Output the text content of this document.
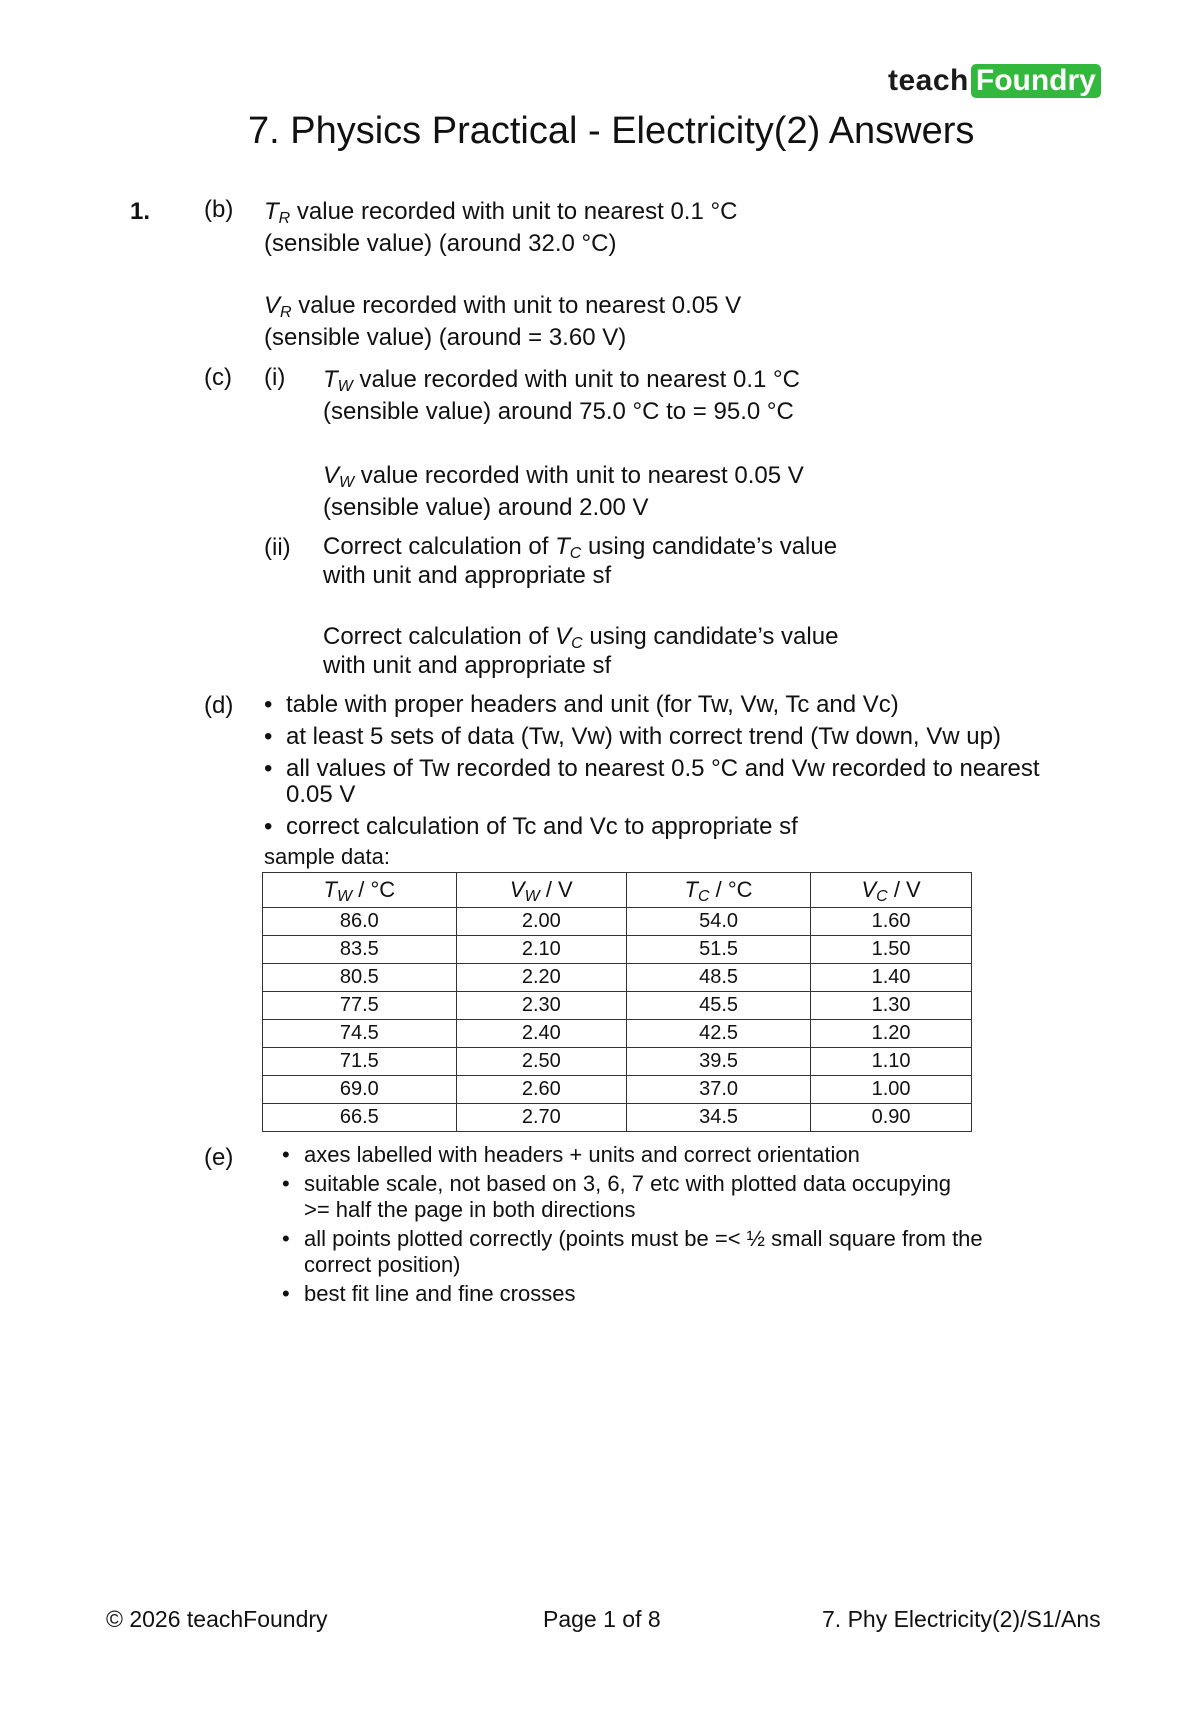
teach Foundry
7. Physics Practical - Electricity(2) Answers
1. (b) $T_R$ value recorded with unit to nearest 0.1 °C
(sensible value) (around 32.0 °C)
$V_R$ value recorded with unit to nearest 0.05 V
(sensible value) (around = 3.60 V)
(c) (i) $T_W$ value recorded with unit to nearest 0.1 °C
(sensible value) around 75.0 °C to = 95.0 °C
$V_W$ value recorded with unit to nearest 0.05 V
(sensible value) around 2.00 V
(ii) Correct calculation of $T_C$ using candidate’s value
with unit and appropriate sf
Correct calculation of $V_C$ using candidate’s value
with unit and appropriate sf
(d)	• table with proper headers and unit (for Tw, Vw, Tc and Vc)
• at least 5 sets of data (Tw, Vw) with correct trend (Tw down, Vw up)
• all values of Tw recorded to nearest 0.5 °C and Vw recorded to nearest
0.05 V
• correct calculation of Tc and Vc to appropriate sf
sample data:
$T_W / ^\circ C$	$V_W$ / V	$T_C / ^\circ C$	$V_C$ / V
86.0	2.00	54.0	1.60
83.5	2.10	51.5	1.50
80.5	2.20	48.5	1.40
77.5	2.30	45.5	1.30
74.5	2.40	42.5	1.20
71.5	2.50	39.5	1.10
69.0	2.60	37.0	1.00
66.5	2.70	34.5	0.90
(e)	• axes labelled with headers + units and correct orientation
• suitable scale, not based on 3, 6, 7 etc with plotted data occupying
>= half the page in both directions
• all points plotted correctly (points must be =< ½ small square from the
correct position)
• best fit line and fine crosses
© 2026 teachFoundry	Page 1 of 8	7. Phy Electricity(2)/S1/Ans
